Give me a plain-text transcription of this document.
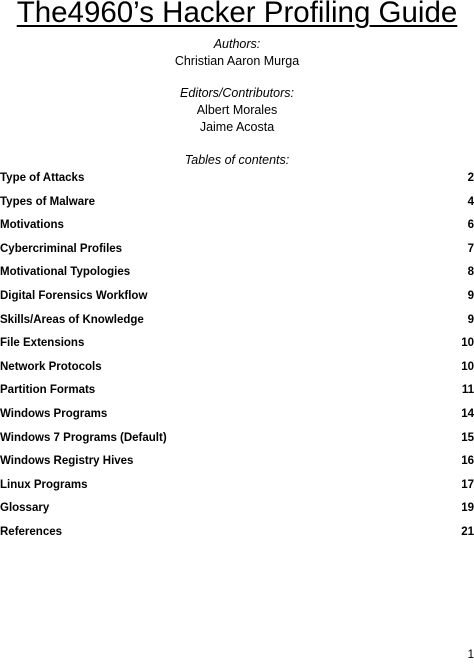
The4960’s Hacker Profiling Guide
Authors:
Christian Aaron Murga
Editors/Contributors:
Albert Morales
Jaime Acosta
Tables of contents:
Type of Attacks	2
Types of Malware	4
Motivations	6
Cybercriminal Profiles	7
Motivational Typologies	8
Digital Forensics Workflow	9
Skills/Areas of Knowledge	9
File Extensions	10
Network Protocols	10
Partition Formats	11
Windows Programs	14
Windows 7 Programs (Default)	15
Windows Registry Hives	16
Linux Programs	17
Glossary	19
References	21
1
